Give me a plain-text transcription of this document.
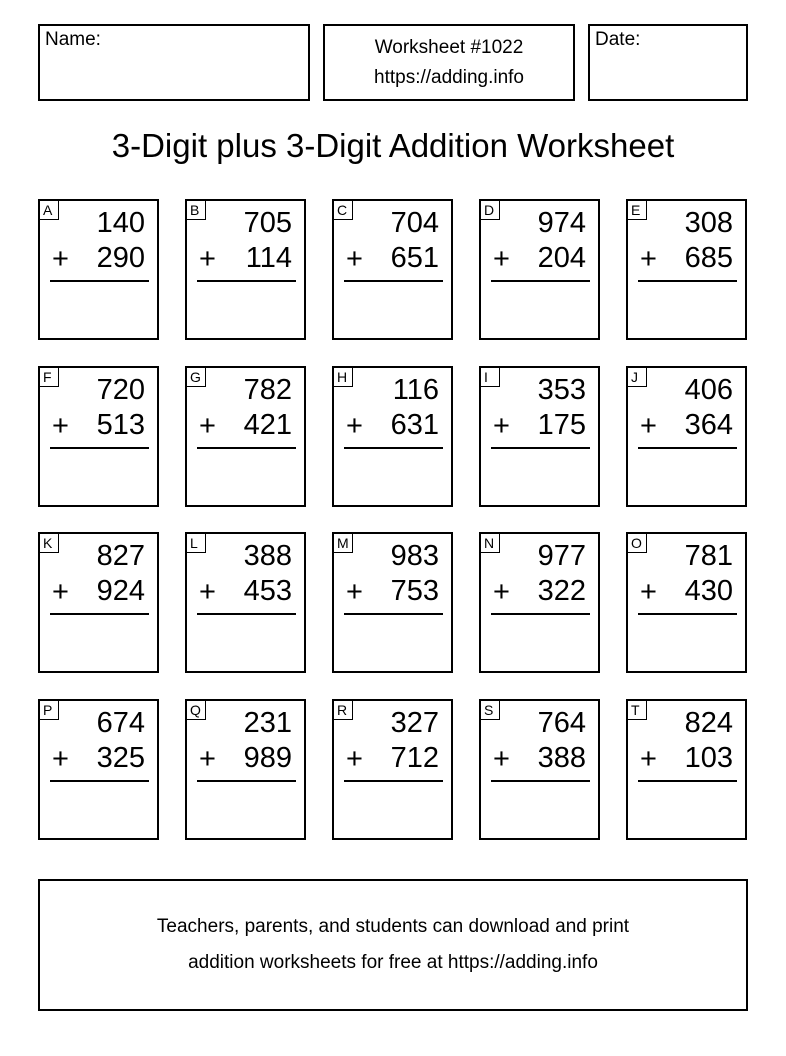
Name:	Worksheet #1022
https://adding.info
Date:
3-Digit plus 3-Digit Addition Worksheet
A 140
+ 290
B 705
+ 114
C 704
+ 651
D 974
+ 204
E 308
+ 685
F 720
+ 513
G 782
+ 421
H 116
+ 631
I	353
+ 175
J	406
+ 364
K 827
+ 924
L 388
+ 453
M 983
+ 753
N 977
+ 322
O 781
+ 430
P 674
+ 325
Q 231
+ 989
R 327
+ 712
S 764
+ 388
T 824
+ 103
Teachers, parents, and students can download and print
addition worksheets for free at https://adding.info
